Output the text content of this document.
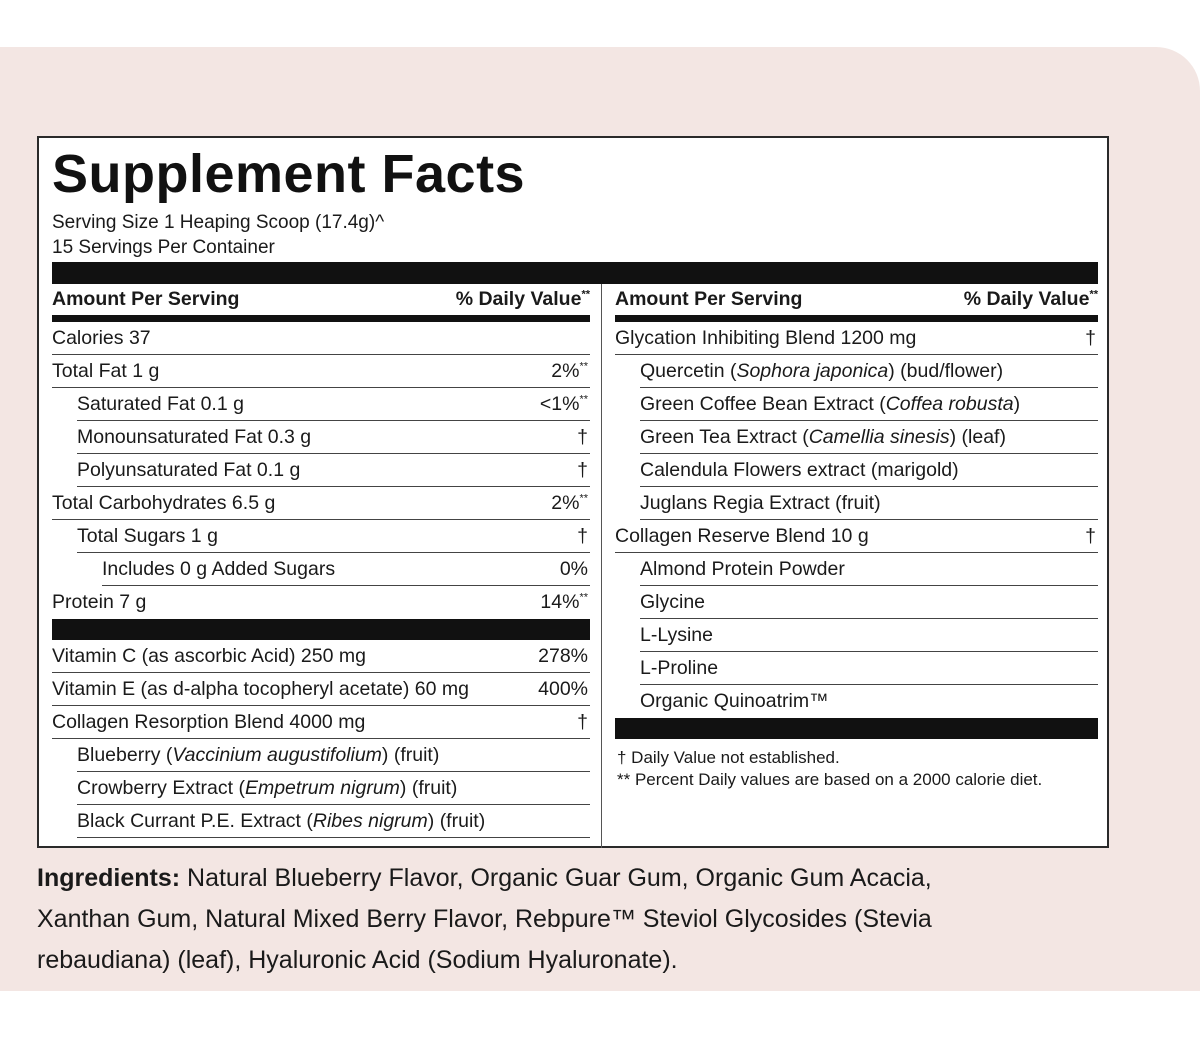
Supplement Facts
Serving Size 1 Heaping Scoop (17.4g)^
15 Servings Per Container
Amount Per Serving	% Daily Value**
Calories 37
Total Fat 1 g	2%**
Saturated Fat 0.1 g	<1%**
Monounsaturated Fat 0.3 g	†
Polyunsaturated Fat 0.1 g	†
Total Carbohydrates 6.5 g	2%**
Total Sugars 1 g	†
Includes 0 g Added Sugars	0%
Protein 7 g	14%**
Vitamin C (as ascorbic Acid) 250 mg	278%
Vitamin E (as d-alpha tocopheryl acetate) 60 mg	400%
Collagen Resorption Blend 4000 mg	†
Blueberry (Vaccinium augustifolium) (fruit)
Crowberry Extract (Empetrum nigrum) (fruit)
Black Currant P.E. Extract (Ribes nigrum) (fruit)
Amount Per Serving	% Daily Value**
Glycation Inhibiting Blend 1200 mg	†
Quercetin (Sophora japonica) (bud/flower)
Green Coffee Bean Extract (Coffea robusta)
Green Tea Extract (Camellia sinesis) (leaf)
Calendula Flowers extract (marigold)
Juglans Regia Extract (fruit)
Collagen Reserve Blend 10 g	†
Almond Protein Powder
Glycine
L-Lysine
L-Proline
Organic Quinoatrim™
† Daily Value not established.
** Percent Daily values are based on a 2000 calorie diet.
Ingredients: Natural Blueberry Flavor, Organic Guar Gum, Organic Gum Acacia, Xanthan Gum, Natural Mixed Berry Flavor, Rebpure™ Steviol Glycosides (Stevia rebaudiana) (leaf), Hyaluronic Acid (Sodium Hyaluronate).
